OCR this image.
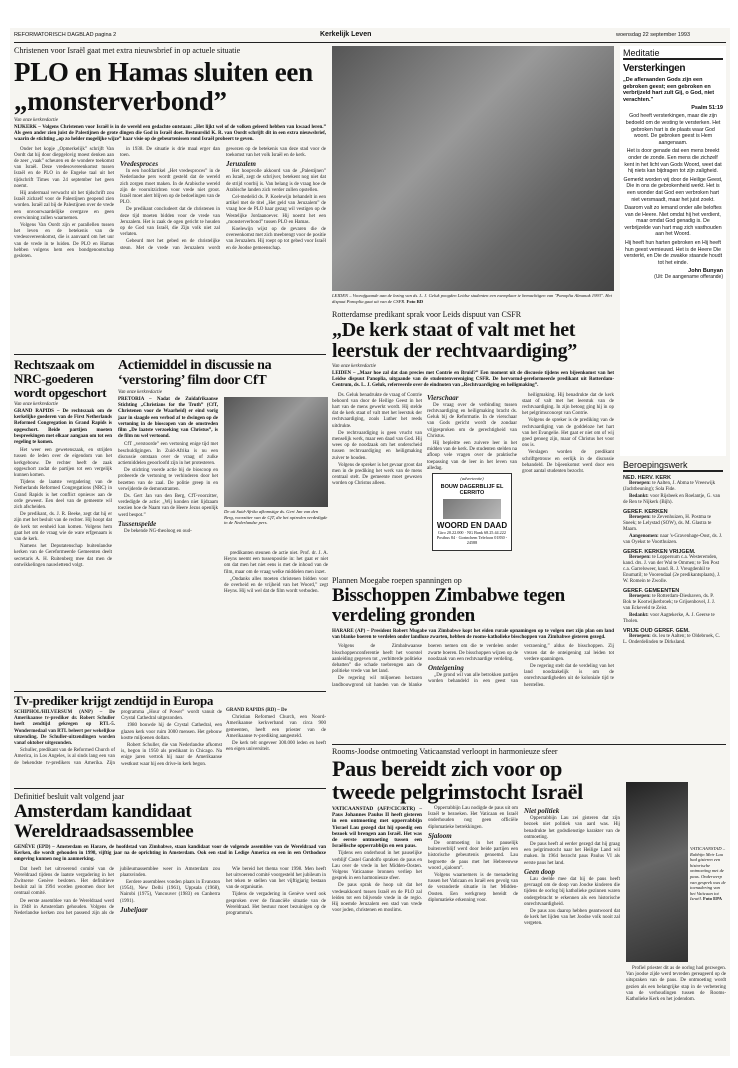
REFORMATORISCH DAGBLAD pagina 2	Kerkelijk Leven	woensdag 22 september 1993
Christenen voor Israël gaat met extra nieuwsbrief in op actuele situatie
PLO en Hamas sluiten een „monsterverbond”
Van onze kerkredactie
NIJKERK – Volgens Christenen voor Israël is in de wereld een gedachte ontstaan: „Het lijkt wel of de volken geleerd hebben van kwaad leren.” Als geen ander zien juist de Palestijnen de grote dingen die God in Israël doet. Bestuurslid K. R. van Oordt schrijft dit in een extra nieuwsbrief, waarin de stichting „op zo helder mogelijke wijze” haar visie op de gebeurtenissen rond Israël probeert te geven.

Onder het kopje „Opmerkelijk” schrijft Van Oordt dat hij door diepgelovig moest denken aan de zeer „vaak” scheuren en de wondere toekomst van Israël. Deze vredesovereenkomst tussen Israël en de PLO in de Engelse taal uit het tijdschrift Times van 24 september het geen noemt.

Hij andermaal verwacht uit het tijdschrift zou Israël zichzelf voor de Palestijnen geopend zien worden. Israël zal bij de Palestijnen over de vrede een onvoorwaardelijke overgave en geen overwinning zullen waarnemen.

Volgens Van Oordt zijn er parallellen tussen het leven en de betekenis van de vredesovereenkomst, die is aanvaard om het uur van de vrede in te luiden. De PLO en Hamas hebben volgens hem een bondgenootschap gesloten.

in 1938. De situatie is drie maal erger dan toen.

Vredesproces

In een hoofdartikel „Het vredesproces” in de Nederlandse pers wordt gesteld dat de wereld zich zorgen moet maken. In de Arabische wereld zijn de vooruitzichten voor vrede niet groot. Israël moet alert blijven op de bedoelingen van de PLO.

De predikant concludeert dat de christenen in deze tijd moeten bidden voor de vrede van Jeruzalem. Het is zaak de ogen gericht te houden op de God van Israël, die Zijn volk niet zal verlaten.

Gebeurd met het gebed en de christelijke steun. Met de vrede van Jeruzalem wordt gewezen op de betekenis van deze stad voor de toekomst van het volk Israël en de kerk.

Jeruzalem

Het hoopvolle akkoord van de „Palestijnen” en Israël, zegt de schrijver, betekent nog niet dat de strijd voorbij is. Van belang is de vraag hoe de Arabische landen zich verder zullen opstellen.

Cel-medelid ds. P. Koelewijn behandelt in een artikel met de titel „Het geld van Jeruzalem” de vraag hoe de PLO haar gezag wil vestigen op de Westelijke Jordaanoever. Hij noemt het een „monsterverbond” tussen PLO en Hamas.

Koelewijn wijst op de gevaren die de overeenkomst met zich meebrengt voor de positie van Jeruzalem. Hij roept op tot gebed voor Israël en de Joodse gemeenschap.

LEIDEN – Voorafgaande aan de lezing van ds. L. J. Geluk poogden Leidse studenten een exemplaar te bemachtigen van "Panoplia Almanak 1993". Het dispuut Panoplia gaat uit van de CSFR. Foto RD
Meditatie
Versterkingen
„De afleraanden Gods zijn een gebroken geest; een gebroken en verbrijzeld hart zult Gij, o God, niet verachten.”
Psalm 51:19

God heeft versterkingen, maar die zijn bedoeld om de vesting te versterken. Het gebroken hart is de plaats waar God woont. De gebroken geest is Hem aangenaam.

Het is door genade dat een mens breekt onder de zonde. Een mens die zichzelf kent in het licht van Gods Woord, weet dat hij niets kan bijdragen tot zijn zaligheid.

Gemerkt worden wij door de Heilige Geest, Die in ons de gebrokenheid werkt. Het is een wonder dat God een verbroken hart niet versmaadt, maar het juist zoekt.

Daarom valt zo iemand onder alle beloftes van de Heere. Niet omdat hij het verdient, maar omdat God genadig is. De verbrijzelde van hart mag zich vasthouden aan het Woord.

Hij heeft hun harten gebroken en Hij heeft hun geest vernieuwd. Het is de Heere Die versterkt, en Die de zwakke staande houdt tot het einde.

John Bunyan
(Uit: De aangename offerande)
Beroepingswerk
NED. HERV. KERK

Beroepen: te Aalten, J. Abma te Vreeswijk (Jachtbeuning); Sola Fide.

Bedankt: voor Rijsbeek en Roelantje, G. van de Ren te Nijkerk (Bijh).

GEREF. KERKEN

Beroepen: te Zevenhuizen, H. Postma te Sneek; te Lelystad (SOW), ds. M. Glastra te Maarn.

Aangenomen: naar 's-Gravenhage-Oost, ds. J. van Oyekst te Voorthuizen.

GEREF. KERKEN VRIJGEM.

Beroepen: te Loppersum c.a. Westeremden, kand. drs. J. van der Wal te Ommen; te Ten Post c.a. Garrelsweer, kand. R. J. Vreugdenhil te Enumatil; te Voorendaal (2e predikantsplaats), J. W. Romein te Zwolle.

GEREF. GEMEENTEN

Beroepen: te Rotterdam-Dieshaven, ds. P. Bok te Kootwijkerbroek; te Grijsenbovel, J. J. van Eckeveld te Zeist.

Bedankt: voor Aagtekerke, A. J. Geerse te Tholen.

VRIJE OUD GEREF. GEM.

Beroepen: ds. leu te Aalten; te Oldebroek, C. L. Onderdelinden te Dirksland.

Rotterdamse predikant sprak voor Leids dispuut van CSFR
„De kerk staat of valt met het leerstuk der rechtvaardiging”
Van onze kerkredactie
LEIDEN – „Maar hoe zal dat dan precies met Contrie en Bruid?” Een moment uit de discussie tijdens een bijeenkomst van het Leidse dispuut Panoplia, uitgaande van de studentenvereniging CSFR. De hervormd-gereformeerde predikant uit Rotterdam-Centrum, ds. L. J. Geluk, referreerde over de eindnoten van „Rechtvaardiging en heiligmaking”.

Ds. Geluk benadrukte de vraag of Contrie behoord van door de Heilige Geest in het hart van de mens gewerkt wordt. Hij stelde dat de kerk staat of valt met het leerstuk der rechtvaardiging, zoals Luther het reeds uitdrukte.

De rechtvaardiging is geen vrucht van menselijk werk, maar een daad van God. Hij wees op de noodzaak om het onderscheid tussen rechtvaardiging en heiligmaking zuiver te houden.

Volgens de spreker is het gevaar groot dat men in de prediking het werk van de mens centraal stelt. De gemeente moet gewezen worden op Christus alleen.

Vierschaar

De vraag over de verbinding tussen rechtvaardiging en heiligmaking bracht ds. Geluk bij de Reformatie. In de vierschaar van Gods gericht wordt de zondaar vrijgesproken om de gerechtigheid van Christus.

Hij bepleitte een zuivere leer in het midden van de kerk. De studenten stelden na afloop vele vragen over de praktische toepassing van de leer in het leven van alledag.

(advertentie)
BOUW DAGERBLIJF EL CERRITO
WOORD EN DAAD
Giro 20.22.000 · NG Bank 68.25.44.222 Postbus 84 · Gorinchem Telefoon 01830 - 24588

heiligmaking. Hij benadrukte dat de kerk staat of valt met het leerstuk van de rechtvaardiging. In zijn betoog ging hij in op het pelgrimsconcept van Contrie.

Volgens de spreker is de prediking van de rechtvaardiging van de goddeloze het hart van het Evangelie. Het gaat er niet om of wij goed genoeg zijn, maar of Christus het voor ons is.

Verslagen worden de predikant schriftgetrouw en eerlijk in de discussie behandeld. De bijeenkomst werd door een groot aantal studenten bezocht.

Rechtszaak om NRC-goederen wordt opgeschort
Van onze kerkredactie
GRAND RAPIDS – De rechtszaak om de kerkelijke goederen van de First Netherlands Reformed Congregation in Grand Rapids is opgeschort. Beide partijen moeten bespreekingen met elkaar aangaan om tot een regeling te komen.

Het weer een gewetenszaak, en strijden tussen de leden over de eigendom van het kerkgebouw. De rechter heeft de zaak opgeschort zodat de partijen tot een vergelijk kunnen komen.

Tijdens de laatste vergadering van de Netherlands Reformed Congregations (NRC) in Grand Rapids is het conflict opnieuw aan de orde geweest. Een deel van de gemeente wil zich afscheiden.

De predikant, ds. J. R. Beeke, zegt dat hij er zijn met het besluit van de rechter. Hij hoopt dat de kerk tot eenheid kan komen. Volgens hem gaat het om de vraag wie de ware erfgenaam is van de kerk.

Namens het Deputatenschap buitenlandse kerken van de Gereformeerde Gemeenten deelt secretaris A. H. Ruitenberg mee dat men de ontwikkelingen nauwlettend volgt.

Actiemiddel in discussie na ‘verstoring’ film door CfT
Van onze kerkredactie
PRETORIA – Nadat de Zuidafrikaanse Stichting „Christians for the Truth” (CfT, Christenen voor de Waarheid) er eind vorig jaar in slaagde een verbod af te dwingen op de vertoning in de bioscopen van de omstreden film „De laatste verzoeking van Christus”, is de film nu wel vertoond.

CfT „verstoorde” een vertoning enige tijd met beschuldigingen. In Zuid-Afrika is nu een discussie ontstaan over de vraag of zulke actiemiddelen geoorloofd zijn in het protesteren.

De stichting voerde actie bij de bioscoop en probeerde de vertoning te verhinderen door het bezetten van de zaal. De politie greep in en verwijderde de demonstranten.

Ds. Gert Jan van den Berg, CfT-voorzitter, verdedigde de actie: „Wij konden niet lijdzaam toezien hoe de Naam van de Heere Jezus openlijk werd bespot.”

Tussenspelde

De bekende NG-theoloog en oud-

De uit Suid-Afrika afkomstige ds. Gert Jan van den Berg, voorzitter van de CfT, die het optreden verdedigde in de Nederlandse pers.

predikanten steunen de actie niet. Prof. dr. J. A. Heyns neemt een tussenpositie in: het gaat er niet om dat men het niet eens is met de inhoud van de film, maar om de vraag welke middelen men inzet.

„Ondanks alles moeten christenen bidden voor de overheid en de vrijheid van het Woord,” zegt Heyns. Hij wil wel dat de film wordt verboden.

Plannen Moegabe roepen spanningen op
Bisschoppen Zimbabwe tegen verdeling gronden
HARARE (AP) – President Robert Mugabe van Zimbabwe kopt het eiden rurale opnamingen op te volgen met zijn plan om land van blanke boeren te verdelen onder landloze zwarten, hebben de rooms-katholieke bisschoppen van Zimbabwe gisteren gezegd.

Volgens de Zimbabwaanse bisschoppenconferentie heeft het voorstel aanleiding gegeven tot „verbitterde politieke debatten” die schade toebrengen aan de politieke vrede van het land.

De regering wil miljoenen hectaren landbouwgrond uit handen van de blanke boeren nemen om die te verdelen onder zwarte boeren. De bisschoppen wijzen op de noodzaak van een rechtvaardige verdeling.

Onteigening

„De grond wil van alle betrokken partijen worden behandeld in een geest van verzoening,” aldus de bisschoppen. Zij vrezen dat de onteigening zal leiden tot verdere spanningen.

De regering stelt dat de verdeling van het land noodzakelijk is om de onrechtvaardigheden uit de koloniale tijd te herstellen.

Tv-prediker krijgt zendtijd in Europa

SCHIPHOL/HILVERSUM (ANP) – De Amerikaanse tv-prediker dr. Robert Schuller heeft zendtijd gekregen op RTL-5. Wondermedaal van RTL beleert per wekelijkse uitzending. De Schuller-uitzendingen worden vanaf oktober uitgezonden.

Schuller, predikant van de Reformed Church of America, in Los Angeles, is al sinds lang een van de bekendste tv-predikers van Amerika. Zijn programma „Hour of Power” wordt vanuit de Crystal Cathedral uitgezonden.

1980 bouwde hij de Crystal Cathedral, een glazen kerk voor ruim 3000 mensen. Het gebouw kostte miljoenen dollars.

Robert Schuller, die van Nederlandse afkomst is, begon in 1950 als predikant in Chicago. Na enige jaren vertrok hij naar de Amerikaanse westkust waar hij een drive-in kerk begon.

GRAND RAPIDS (RD) – De

Christian Reformed Church, een Noord-Amerikaanse kerkverband van circa 900 gemeenten, heeft een priester van de Amerikaanse tv-prediking aangesteld.

De kerk telt ongeveer 300.000 leden en heeft een eigen universiteit.

Definitief besluit valt volgend jaar
Amsterdam kandidaat Wereldraadsassemblee
GENÈVE (EPD) – Amsterdam en Harare, de hoofdstad van Zimbabwe, staan kandidaat voor de volgende assemblee van de Wereldraad van Kerken, die wordt gehouden in 1998, vijftig jaar na de oprichting in Amsterdam. Ook een stad in Ledige America en een in een Orthodoxe omgeving kunnen nog in aanmerking.

Dat heeft het uitvoerend comité van de Wereldraad tijdens de laatste vergadering in het Zwitserse Genève besloten. Het definitieve besluit zal in 1994 worden genomen door het centraal comité.

De eerste assemblee van de Wereldraad werd in 1948 in Amsterdam gehouden. Volgens de Nederlandse kerken zou het passend zijn als de jubileumassemblee weer in Amsterdam zou plaatsvinden.

Eerdere assemblees vonden plaats in Evanston (1954), New Delhi (1961), Uppsala (1968), Nairobi (1975), Vancouver (1983) en Canberra (1991).

Jubeljaar

Wie bereid het thema voor 1998. Men heeft het uitvoerend comité voorgesteld het jubileum in het teken te stellen van het vijftigjarig bestaan van de organisatie.

Tijdens de vergadering in Genève werd ook gesproken over de financiële situatie van de Wereldraad. Het bestuur moet bezuinigen op de programma's.

Rooms-Joodse ontmoeting Vaticaanstad verloopt in harmonieuze sfeer
Paus bereidt zich voor op tweede pelgrimstocht Israël
VATICAANSTAD (AFP/CIC/RTR) – Paus Johannes Paulus II heeft gisteren in een ontmoeting met opperrabbijn Yisrael Lau gezegd dat hij spoedig een bezoek wil brengen aan Israël. Het was de eerste ontmoeting tussen een Israëlische opperrabbijn en een paus.

Tijdens een onderhoud in het pauselijke verblijf Castel Gandolfo spraken de paus en Lau over de vrede in het Midden-Oosten. Volgens Vaticaanse bronnen verliep het gesprek in een harmonieuze sfeer.

De paus sprak de hoop uit dat het vredesakkoord tussen Israël en de PLO zal leiden tot een blijvende vrede in de regio. Hij noemde Jeruzalem een stad van vrede voor joden, christenen en moslims.

Opperrabbijn Lau nodigde de paus uit om Israël te bezoeken. Het Vaticaan en Israël onderhouden nog geen officiële diplomatieke betrekkingen.

Sjaloom

De ontmoeting in het pauselijk buitenverblijf werd door beide partijen een historische gebeurtenis genoemd. Lau begroette de paus met het Hebreeuwse woord „sjaloom”.

Volgens waarnemers is de toenadering tussen het Vaticaan en Israël een gevolg van de veranderde situatie in het Midden-Oosten. Een werkgroep bereidt de diplomatieke erkenning voor.

Niet politiek

Opperrabbijn Lau zei gisteren dat zijn bezoek niet politiek van aard was. Hij benadrukte het godsdienstige karakter van de ontmoeting.

De paus heeft al eerder gezegd dat hij graag een pelgrimstocht naar het Heilige Land wil maken. In 1964 bezocht paus Paulus VI als eerste paus het land.

Geen doop

Lau deelde mee dat hij de paus heeft gevraagd om de doop van Joodse kinderen die tijdens de oorlog bij katholieke gezinnen waren ondergebracht te erkennen als een historische onrechtvaardigheid.

De paus zou daarop hebben geantwoord dat de kerk het lijden van het Joodse volk nooit zal vergeten.

VATICAANSTAD – Rabbijn Meir Lau had gisteren een historische ontmoeting met de paus. Onderwerp van gesprek was de toenadering van het Vaticaan tot Israël. Foto EPA

Profiel priester dit as de oorlog had gezwegen. Van joodse zijde werd tevreden gereageerd op de uitspraken van de paus. De ontmoeting wordt gezien als een belangrijke stap in de verbetering van de verhoudingen tussen de Rooms-Katholieke Kerk en het jodendom.
